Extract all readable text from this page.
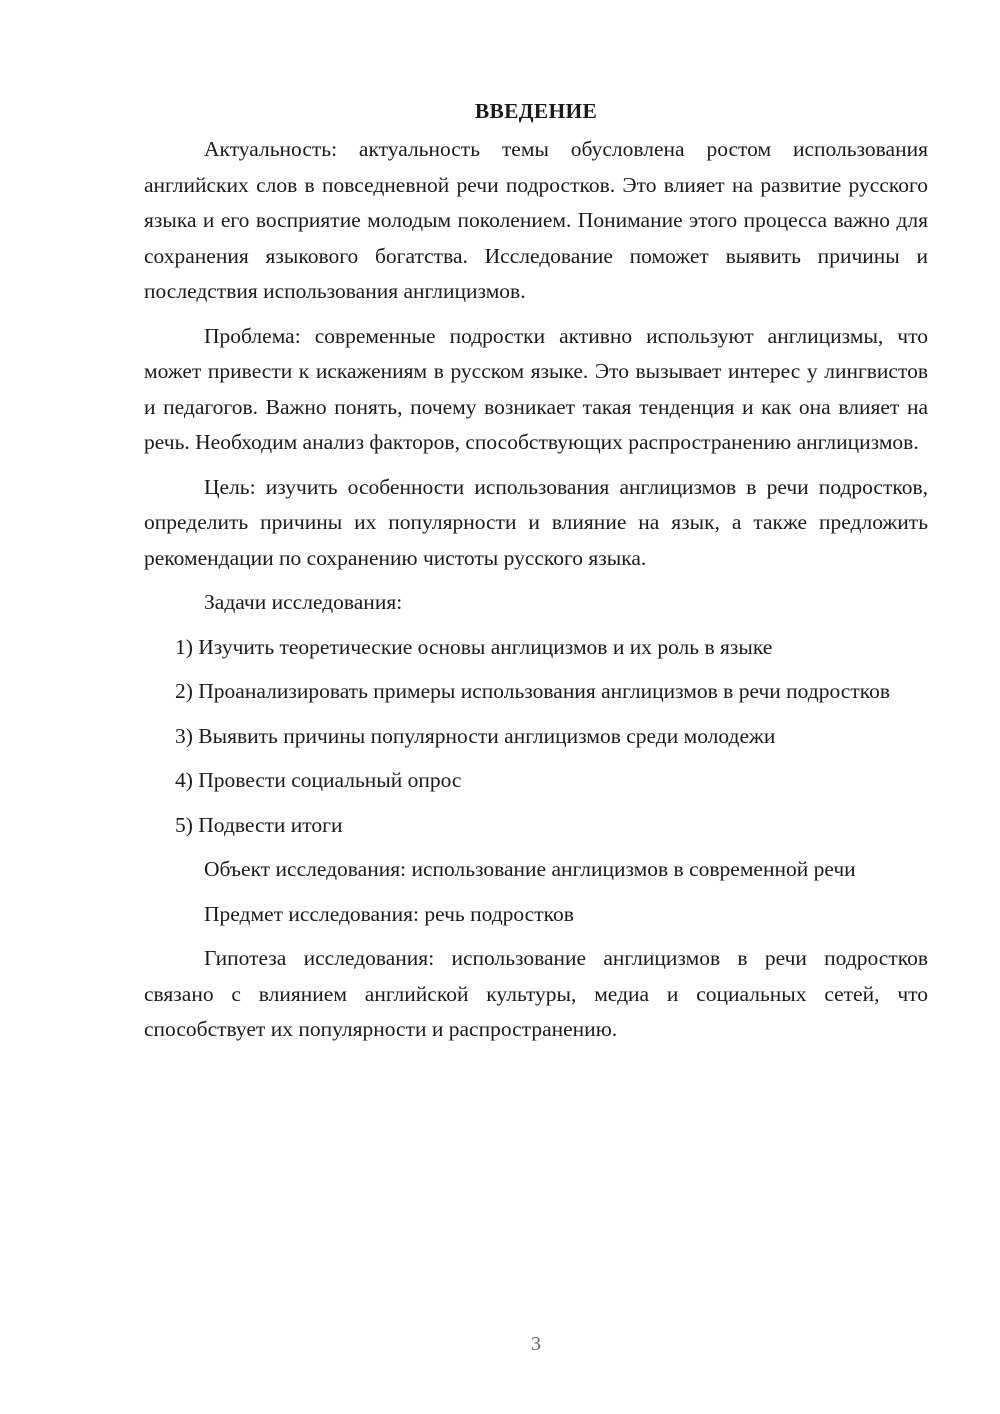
ВВЕДЕНИЕ

Актуальность: актуальность темы обусловлена ростом использования английских слов в повседневной речи подростков. Это влияет на развитие русского языка и его восприятие молодым поколением. Понимание этого процесса важно для сохранения языкового богатства. Исследование поможет выявить причины и последствия использования англицизмов.

Проблема: современные подростки активно используют англицизмы, что может привести к искажениям в русском языке. Это вызывает интерес у лингвистов и педагогов. Важно понять, почему возникает такая тенденция и как она влияет на речь. Необходим анализ факторов, способствующих распространению англицизмов.

Цель: изучить особенности использования англицизмов в речи подростков, определить причины их популярности и влияние на язык, а также предложить рекомендации по сохранению чистоты русского языка.

Задачи исследования:

1) Изучить теоретические основы англицизмов и их роль в языке

2) Проанализировать примеры использования англицизмов в речи подростков

3) Выявить причины популярности англицизмов среди молодежи

4) Провести социальный опрос

5) Подвести итоги

Объект исследования: использование англицизмов в современной речи

Предмет исследования: речь подростков

Гипотеза исследования: использование англицизмов в речи подростков связано с влиянием английской культуры, медиа и социальных сетей, что способствует их популярности и распространению.

3
